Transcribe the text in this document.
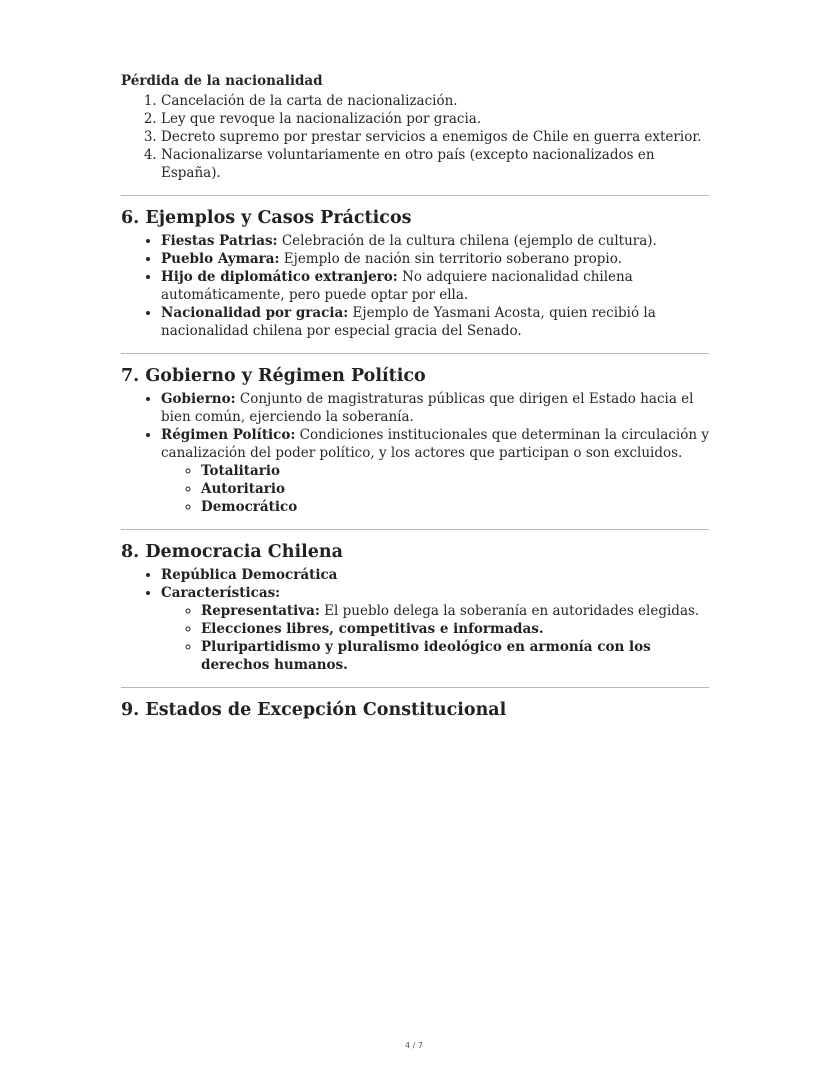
Pérdida de la nacionalidad
1. Cancelación de la carta de nacionalización.
2. Ley que revoque la nacionalización por gracia.
3. Decreto supremo por prestar servicios a enemigos de Chile en guerra exterior.
4. Nacionalizarse voluntariamente en otro país (excepto nacionalizados en España).
6. Ejemplos y Casos Prácticos
• Fiestas Patrias: Celebración de la cultura chilena (ejemplo de cultura).
• Pueblo Aymara: Ejemplo de nación sin territorio soberano propio.
• Hijo de diplomático extranjero: No adquiere nacionalidad chilena automáticamente, pero puede optar por ella.
• Nacionalidad por gracia: Ejemplo de Yasmani Acosta, quien recibió la nacionalidad chilena por especial gracia del Senado.
7. Gobierno y Régimen Político
• Gobierno: Conjunto de magistraturas públicas que dirigen el Estado hacia el bien común, ejerciendo la soberanía.
• Régimen Político: Condiciones institucionales que determinan la circulación y canalización del poder político, y los actores que participan o son excluidos.
◦ Totalitario
◦ Autoritario
◦ Democrático
8. Democracia Chilena
• República Democrática
• Características:
◦ Representativa: El pueblo delega la soberanía en autoridades elegidas.
◦ Elecciones libres, competitivas e informadas.
◦ Pluripartidismo y pluralismo ideológico en armonía con los derechos humanos.
9. Estados de Excepción Constitucional
4 / 7
